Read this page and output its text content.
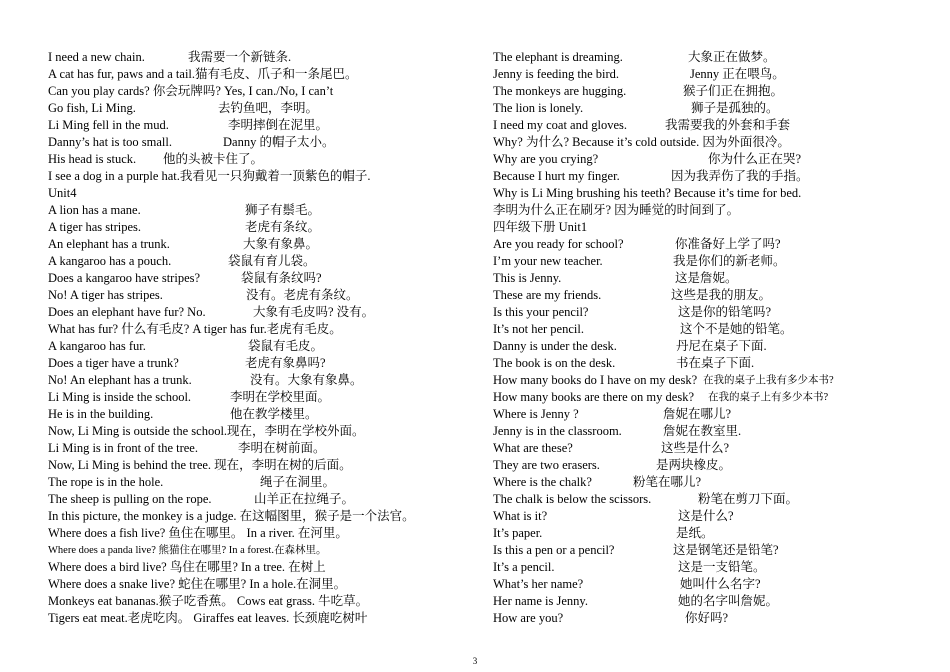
I need a new chain.	我需要一个新链条.
A cat has fur, paws and a tail.猫有毛皮、爪子和一条尾巴。
Can you play cards? 你会玩牌吗? Yes, I can./No, I can’t
Go fish, Li Ming.	去钓鱼吧，李明。
Li Ming fell in the mud.	李明摔倒在泥里。
Danny’s hat is too small.	Danny 的帽子太小。
His head is stuck. 他的头被卡住了。
I see a dog in a purple hat.我看见一只狗戴着一顶紫色的帽子.
Unit4
A lion has a mane.	狮子有鬃毛。
A tiger has stripes.	老虎有条纹。
An elephant has a trunk.	大象有象鼻。
A kangaroo has a pouch.	袋鼠有育儿袋。
Does a kangaroo have stripes?	袋鼠有条纹吗?
No! A tiger has stripes.	没有。老虎有条纹。
Does an elephant have fur? No.	大象有毛皮吗? 没有。
What has fur? 什么有毛皮? A tiger has fur.老虎有毛皮。
A kangaroo has fur.	袋鼠有毛皮。
Does a tiger have a trunk?	老虎有象鼻吗?
No! An elephant has a trunk.	没有。大象有象鼻。
Li Ming is inside the school.	李明在学校里面。
He is in the building.	他在教学楼里。
Now, Li Ming is outside the school.现在，李明在学校外面。
Li Ming is in front of the tree.	李明在树前面。
Now, Li Ming is behind the tree. 现在，李明在树的后面。
The rope is in the hole.	绳子在洞里。
The sheep is pulling on the rope.	山羊正在拉绳子。
In this picture, the monkey is a judge. 在这幅图里，猴子是一个法官。
Where does a fish live? 鱼住在哪里。 In a river. 在河里。
Where does a panda live? 熊猫住在哪里? In a forest.在森林里。
Where does a bird live? 鸟住在哪里? In a tree. 在树上
Where does a snake live? 蛇住在哪里? In a hole.在洞里。
Monkeys eat bananas.猴子吃香蕉。 Cows eat grass. 牛吃草。
Tigers eat meat.老虎吃肉。 Giraffes eat leaves. 长颈鹿吃树叶
The elephant is dreaming.	大象正在做梦。
Jenny is feeding the bird.	Jenny 正在喂鸟。
The monkeys are hugging.	猴子们正在拥抱。
The lion is lonely.	狮子是孤独的。
I need my coat and gloves.	我需要我的外套和手套
Why? 为什么? Because it’s cold outside. 因为外面很冷。
Why are you crying?	你为什么正在哭?
Because I hurt my finger.	因为我弄伤了我的手指。
Why is Li Ming brushing his teeth? Because it’s time for bed.
李明为什么正在刷牙? 因为睡觉的时间到了。
四年级下册 Unit1
Are you ready for school?	你准备好上学了吗?
I’m your new teacher.	我是你们的新老师。
This is Jenny.	这是詹妮。
These are my friends.	这些是我的朋友。
Is this your pencil?	这是你的铅笔吗?
It’s not her pencil.	这个不是她的铅笔。
Danny is under the desk.	丹尼在桌子下面.
The book is on the desk.	书在桌子下面.
How many books do I have on my desk? 在我的桌子上我有多少本书?
How many books are there on my desk? 在我的桌子上有多少本书?
Where is Jenny ?	詹妮在哪儿?
Jenny is in the classroom.	詹妮在教室里.
What are these?	这些是什么?
They are two erasers.	是两块橡皮。
Where is the chalk?	粉笔在哪儿?
The chalk is below the scissors.	粉笔在剪刀下面。
What is it?	这是什么?
It’s paper.	是纸。
Is this a pen or a pencil?	这是钢笔还是铅笔?
It’s a pencil.	这是一支铅笔。
What’s her name?	她叫什么名字?
Her name is Jenny.	她的名字叫詹妮。
How are you?	你好吗?
3
